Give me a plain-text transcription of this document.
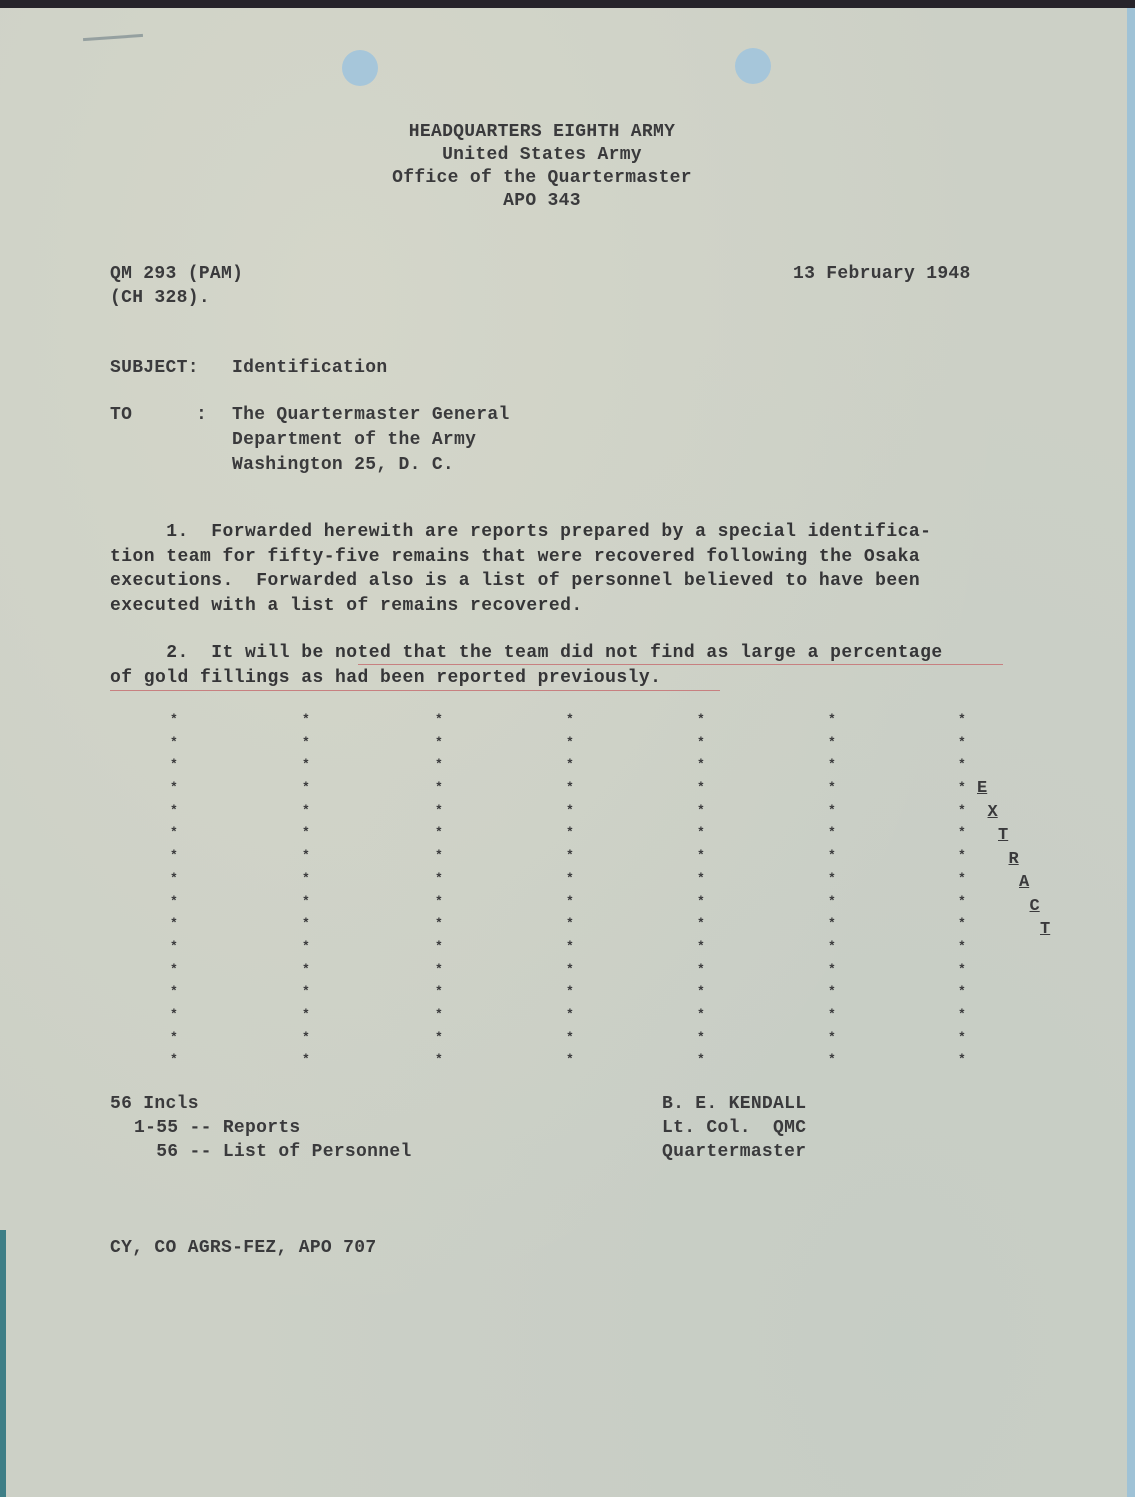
HEADQUARTERS EIGHTH ARMY
United States Army
Office of the Quartermaster
APO 343
QM 293 (PAM)
(CH 328).
13 February 1948
SUBJECT: Identification
TO	: The Quartermaster General
Department of the Army
Washington 25, D. C.
1.  Forwarded herewith are reports prepared by a special identifica-
tion team for fifty-five remains that were recovered following the Osaka
executions.  Forwarded also is a list of personnel believed to have been
executed with a list of remains recovered.
2.  It will be noted that the team did not find as large a percentage
of gold fillings as had been reported previously.
*
*
*
*
*
*
*
*
*
*
*
*
*
*
*
*
*
*
*
*
*
*
*
*
*
*
*
*
*
*
*
*
*
*
*
*
*
*
*
*
*
*
*
*
*
*
*
*
*
*
*
*
*
*
*
*
*
*
*
*
*
*
*
*
*
*
*
*
*
*
*
*
*
*
*
*
*
*
*
*
*
*
*
*
*
*
*
*
*
*
*
*
*
*
*
*
*
*
*
*
*
*
*
*
*
*
*
*
*
*
*
*
E
X
T
R
A
C
T
56 Incls
1-55 -- Reports
56 -- List of Personnel
B. E. KENDALL
Lt. Col.  QMC
Quartermaster
CY, CO AGRS-FEZ, APO 707
